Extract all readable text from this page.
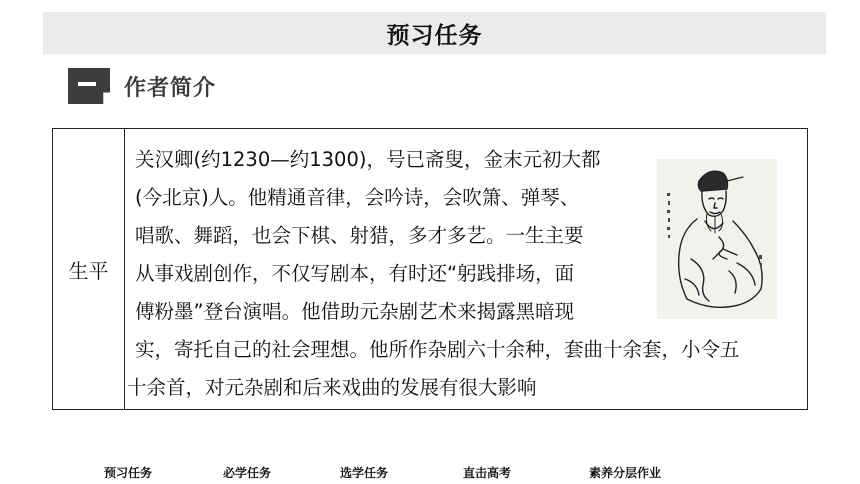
预习任务
作者简介
生平
关汉卿(约1230—约1300)，号已斋叟，金末元初大都
(今北京)人。他精通音律，会吟诗，会吹箫、弹琴、
唱歌、舞蹈，也会下棋、射猎，多才多艺。一生主要
从事戏剧创作，不仅写剧本，有时还“躬践排场，面
傅粉墨”登台演唱。他借助元杂剧艺术来揭露黑暗现
实，寄托自己的社会理想。他所作杂剧六十余种，套曲十余套，小令五
十余首，对元杂剧和后来戏曲的发展有很大影响
预习任务	必学任务	选学任务	直击高考	素养分层作业
